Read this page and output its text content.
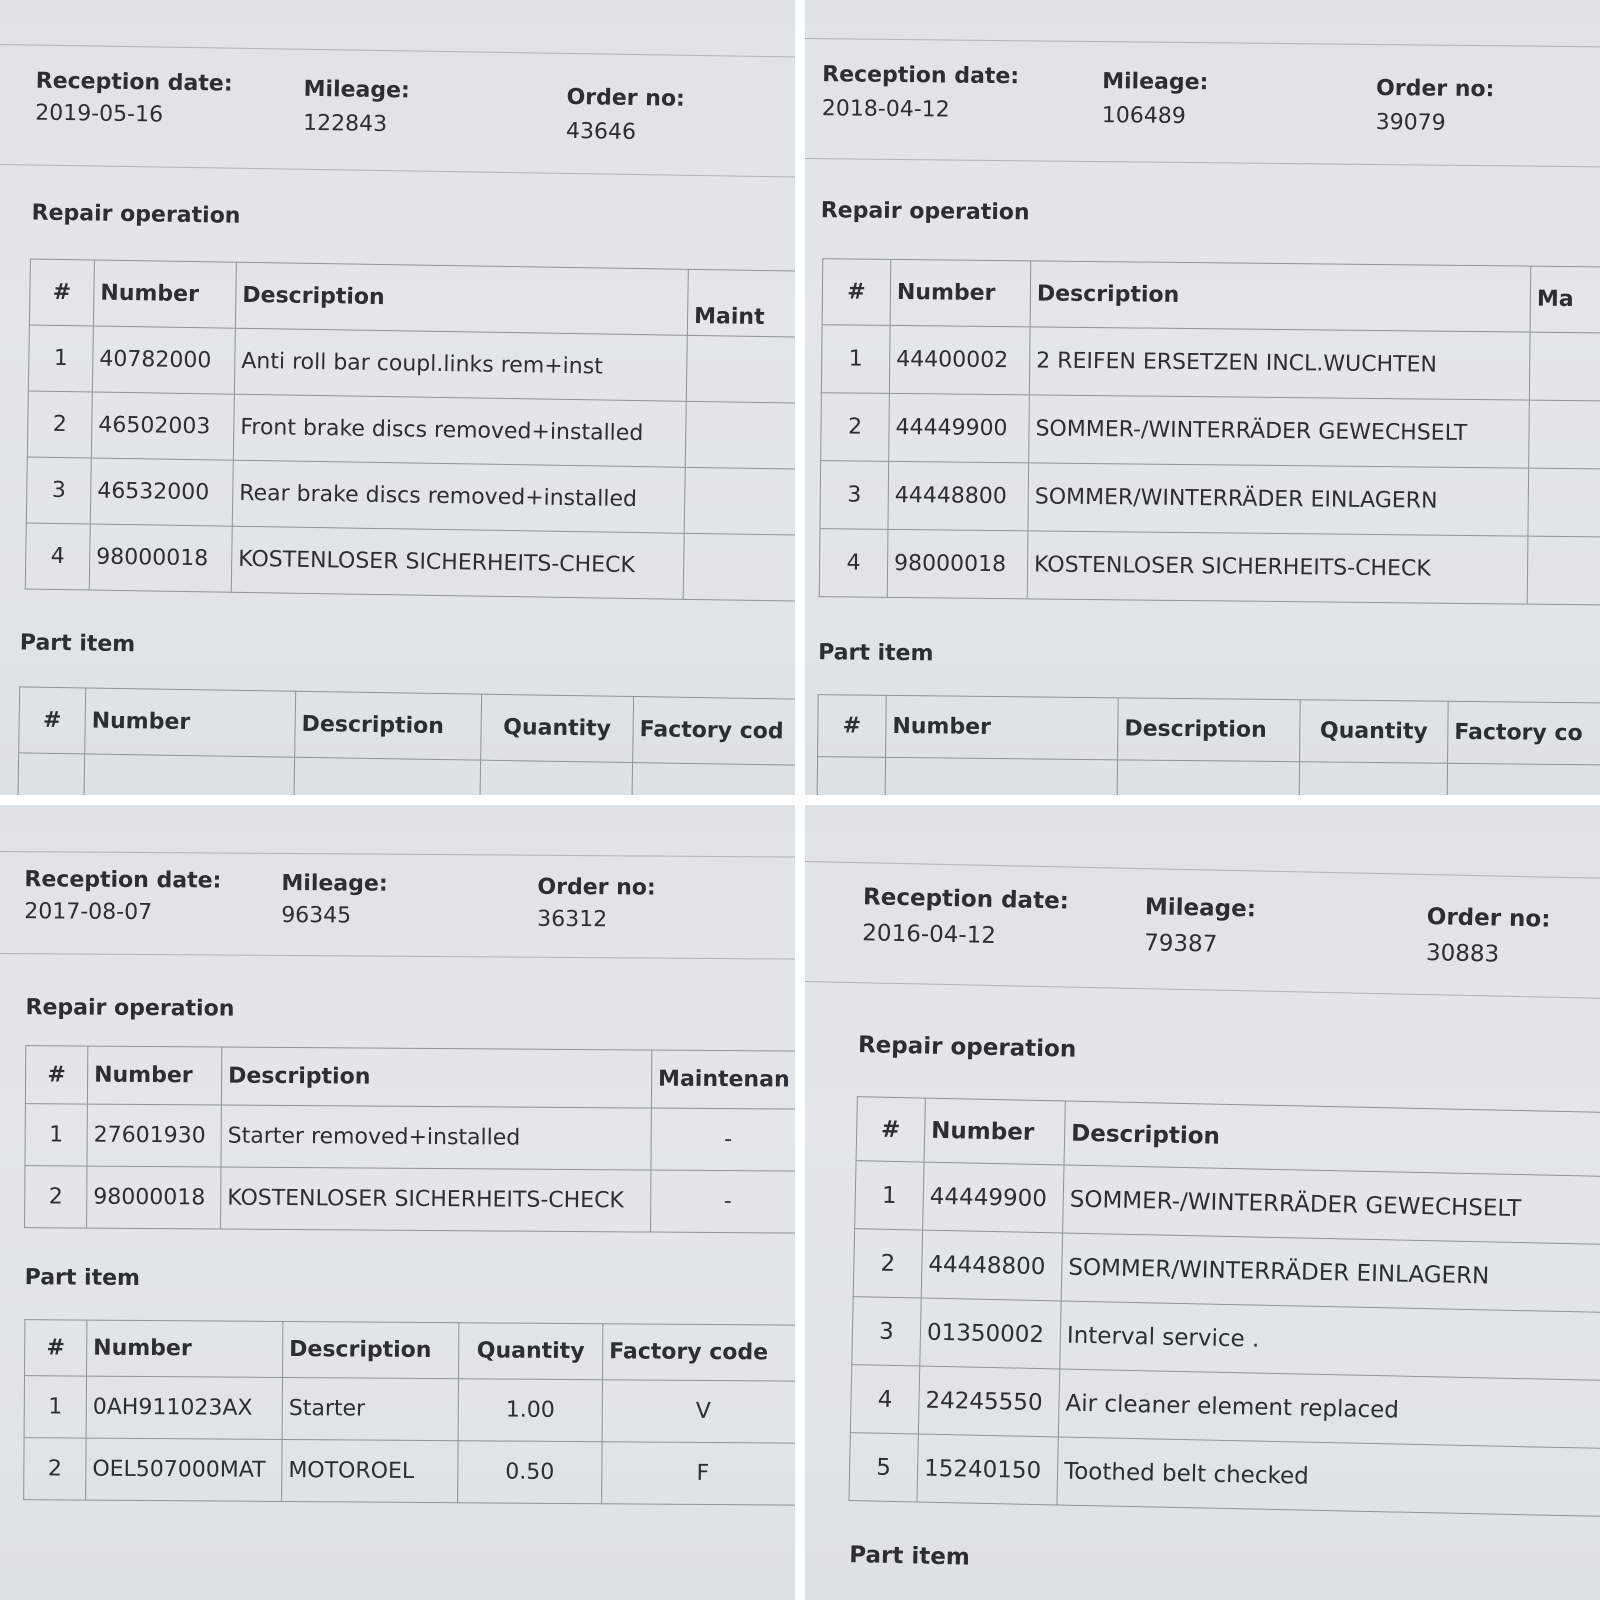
Reception date:
2019-05-16
Mileage:
122843
Order no:
43646
Repair operation
#	Number	Description	Maint
1	40782000	Anti roll bar coupl.links rem+inst	
2	46502003	Front brake discs removed+installed	
3	46532000	Rear brake discs removed+installed	
4	98000018	KOSTENLOSER SICHERHEITS-CHECK	
Part item
#	Number	Description	Quantity	Factory cod

Reception date:
2018-04-12
Mileage:
106489
Order no:
39079
Repair operation
#	Number	Description	Ma
1	44400002	2 REIFEN ERSETZEN INCL.WUCHTEN	
2	44449900	SOMMER-/WINTERRÄDER GEWECHSELT	
3	44448800	SOMMER/WINTERRÄDER EINLAGERN	
4	98000018	KOSTENLOSER SICHERHEITS-CHECK	
Part item
#	Number	Description	Quantity	Factory co

Reception date:
2017-08-07
Mileage:
96345
Order no:
36312
Repair operation
#	Number	Description	Maintenan
1	27601930	Starter removed+installed	-
2	98000018	KOSTENLOSER SICHERHEITS-CHECK	-
Part item
#	Number	Description	Quantity	Factory code
1	0AH911023AX	Starter	1.00	V
2	OEL507000MAT	MOTOROEL	0.50	F
Reception date:
2016-04-12
Mileage:
79387
Order no:
30883
Repair operation
#	Number	Description
1	44449900	SOMMER-/WINTERRÄDER GEWECHSELT
2	44448800	SOMMER/WINTERRÄDER EINLAGERN
3	01350002	Interval service .
4	24245550	Air cleaner element replaced
5	15240150	Toothed belt checked
Part item
